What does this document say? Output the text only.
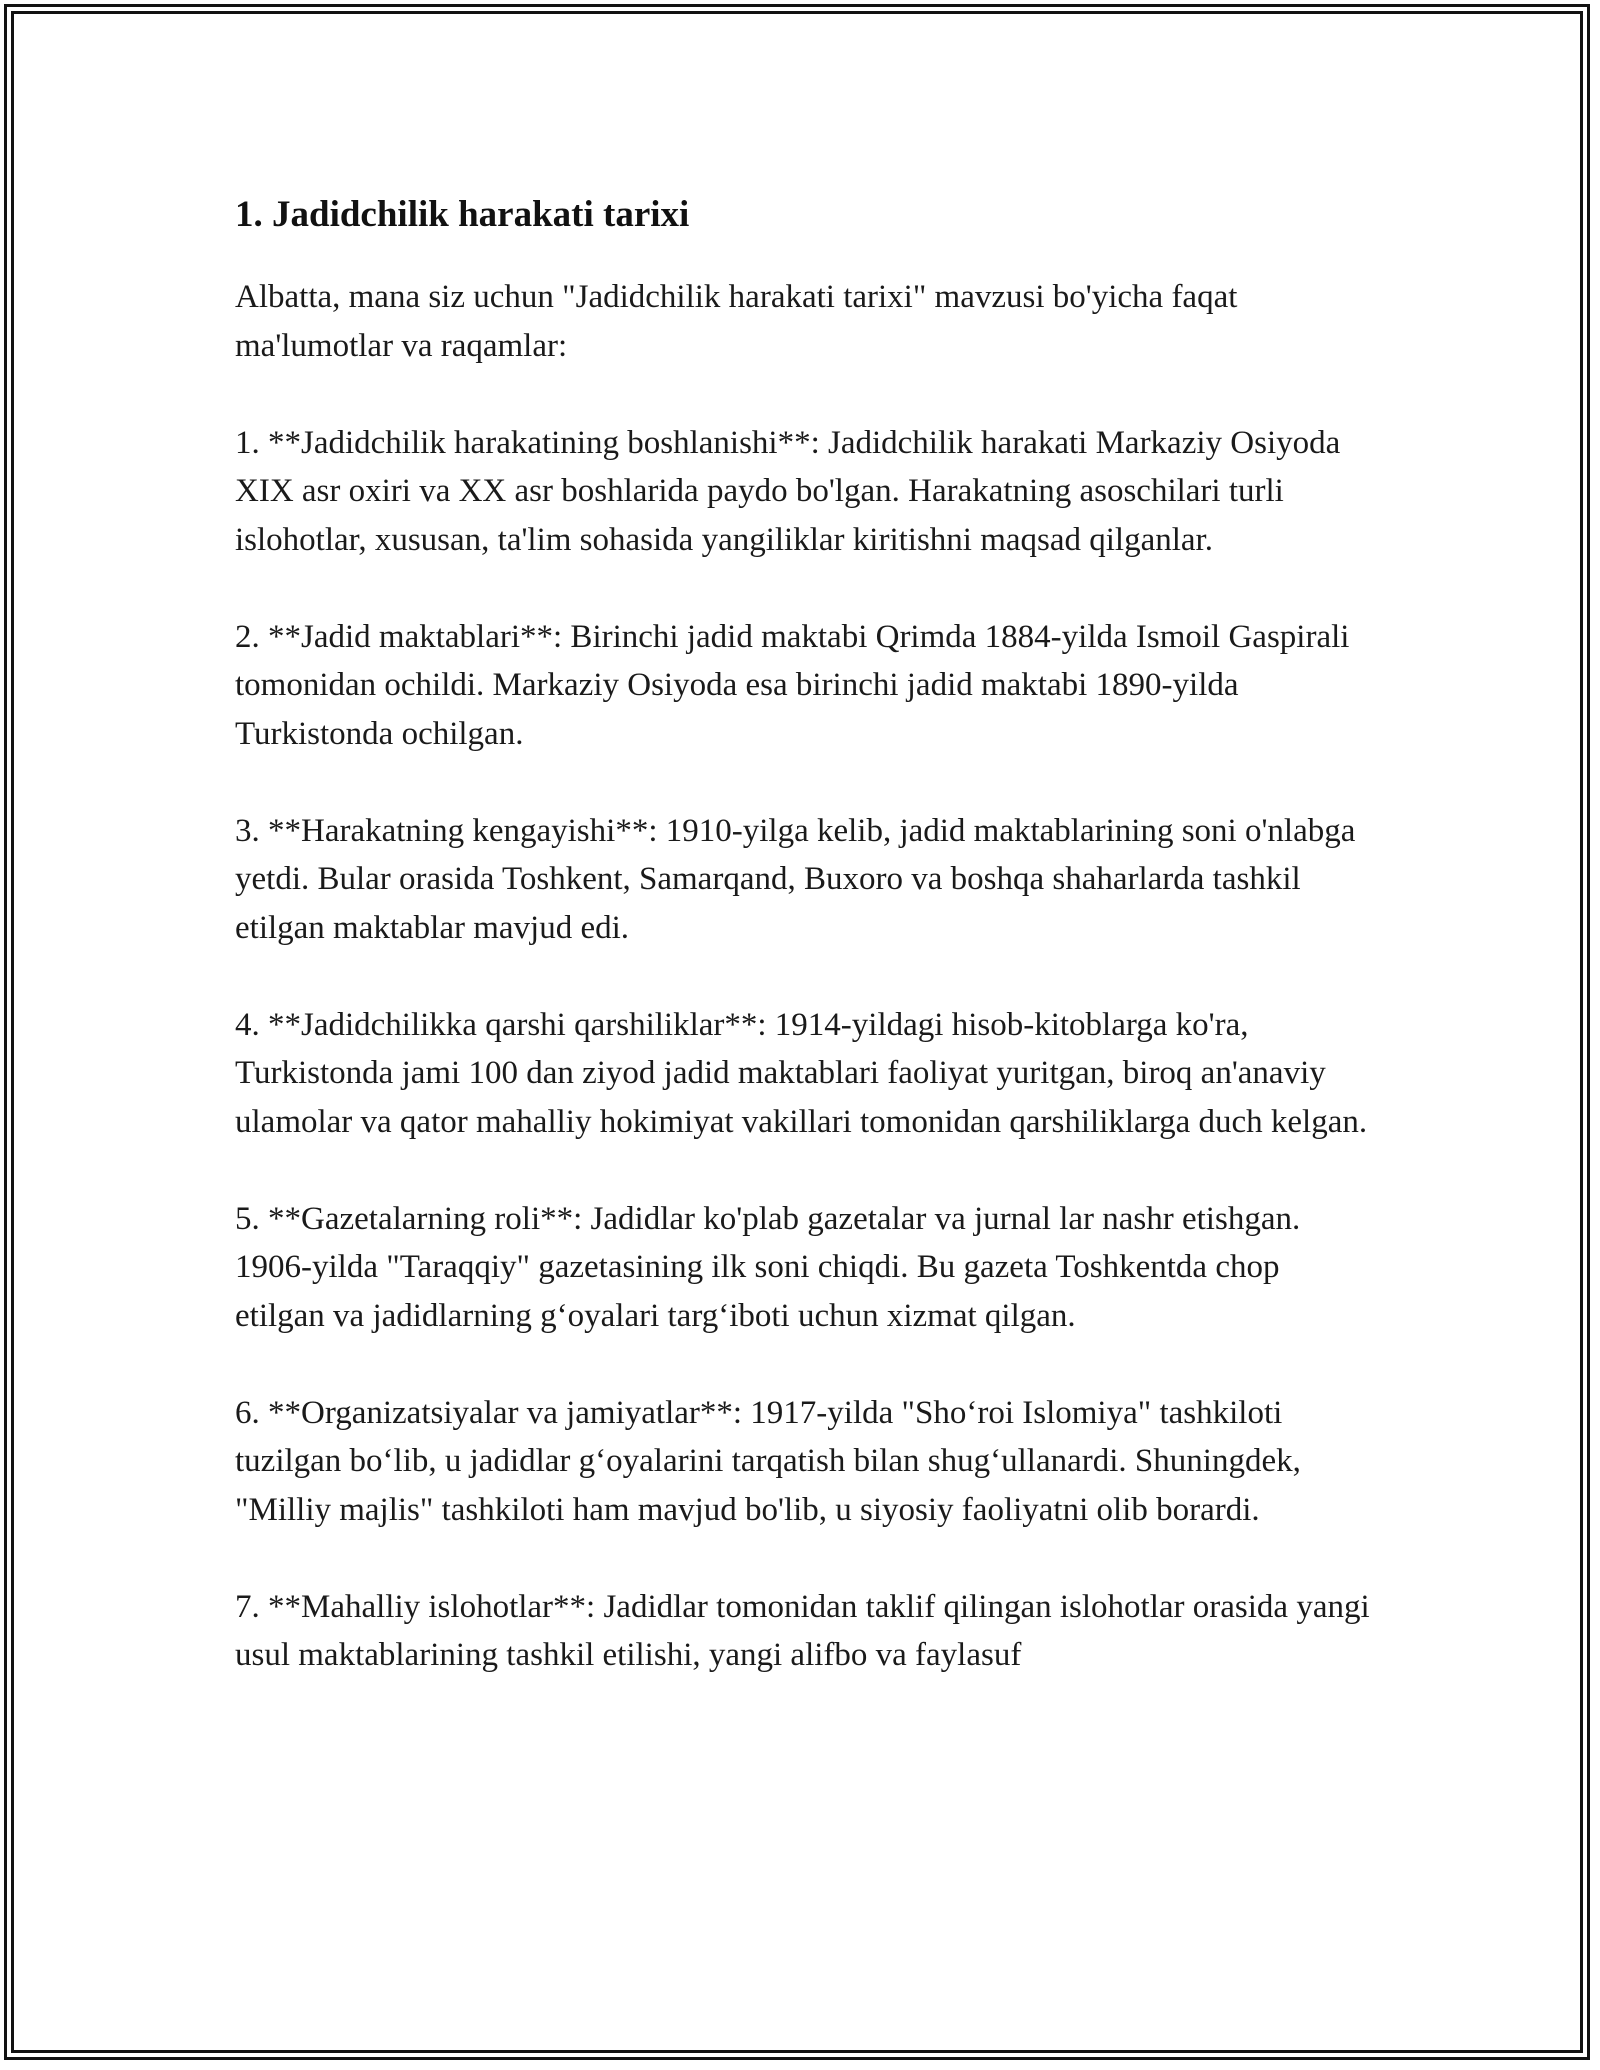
1. Jadidchilik harakati tarixi

Albatta, mana siz uchun "Jadidchilik harakati tarixi" mavzusi bo'yicha faqat ma'lumotlar va raqamlar:

1. **Jadidchilik harakatining boshlanishi**: Jadidchilik harakati Markaziy Osiyoda XIX asr oxiri va XX asr boshlarida paydo bo'lgan. Harakatning asoschilari turli islohotlar, xususan, ta'lim sohasida yangiliklar kiritishni maqsad qilganlar.

2. **Jadid maktablari**: Birinchi jadid maktabi Qrimda 1884-yilda Ismoil Gaspirali tomonidan ochildi. Markaziy Osiyoda esa birinchi jadid maktabi 1890-yilda Turkistonda ochilgan.

3. **Harakatning kengayishi**: 1910-yilga kelib, jadid maktablarining soni o'nlabga yetdi. Bular orasida Toshkent, Samarqand, Buxoro va boshqa shaharlarda tashkil etilgan maktablar mavjud edi.

4. **Jadidchilikka qarshi qarshiliklar**: 1914-yildagi hisob-kitoblarga ko'ra, Turkistonda jami 100 dan ziyod jadid maktablari faoliyat yuritgan, biroq an'anaviy ulamolar va qator mahalliy hokimiyat vakillari tomonidan qarshiliklarga duch kelgan.

5. **Gazetalarning roli**: Jadidlar ko'plab gazetalar va jurnal lar nashr etishgan. 1906-yilda "Taraqqiy" gazetasining ilk soni chiqdi. Bu gazeta Toshkentda chop etilgan va jadidlarning g‘oyalari targ‘iboti uchun xizmat qilgan.

6. **Organizatsiyalar va jamiyatlar**: 1917-yilda "Sho‘roi Islomiya" tashkiloti tuzilgan bo‘lib, u jadidlar g‘oyalarini tarqatish bilan shug‘ullanardi. Shuningdek, "Milliy majlis" tashkiloti ham mavjud bo'lib, u siyosiy faoliyatni olib borardi.

7. **Mahalliy islohotlar**: Jadidlar tomonidan taklif qilingan islohotlar orasida yangi usul maktablarining tashkil etilishi, yangi alifbo va faylasuf
